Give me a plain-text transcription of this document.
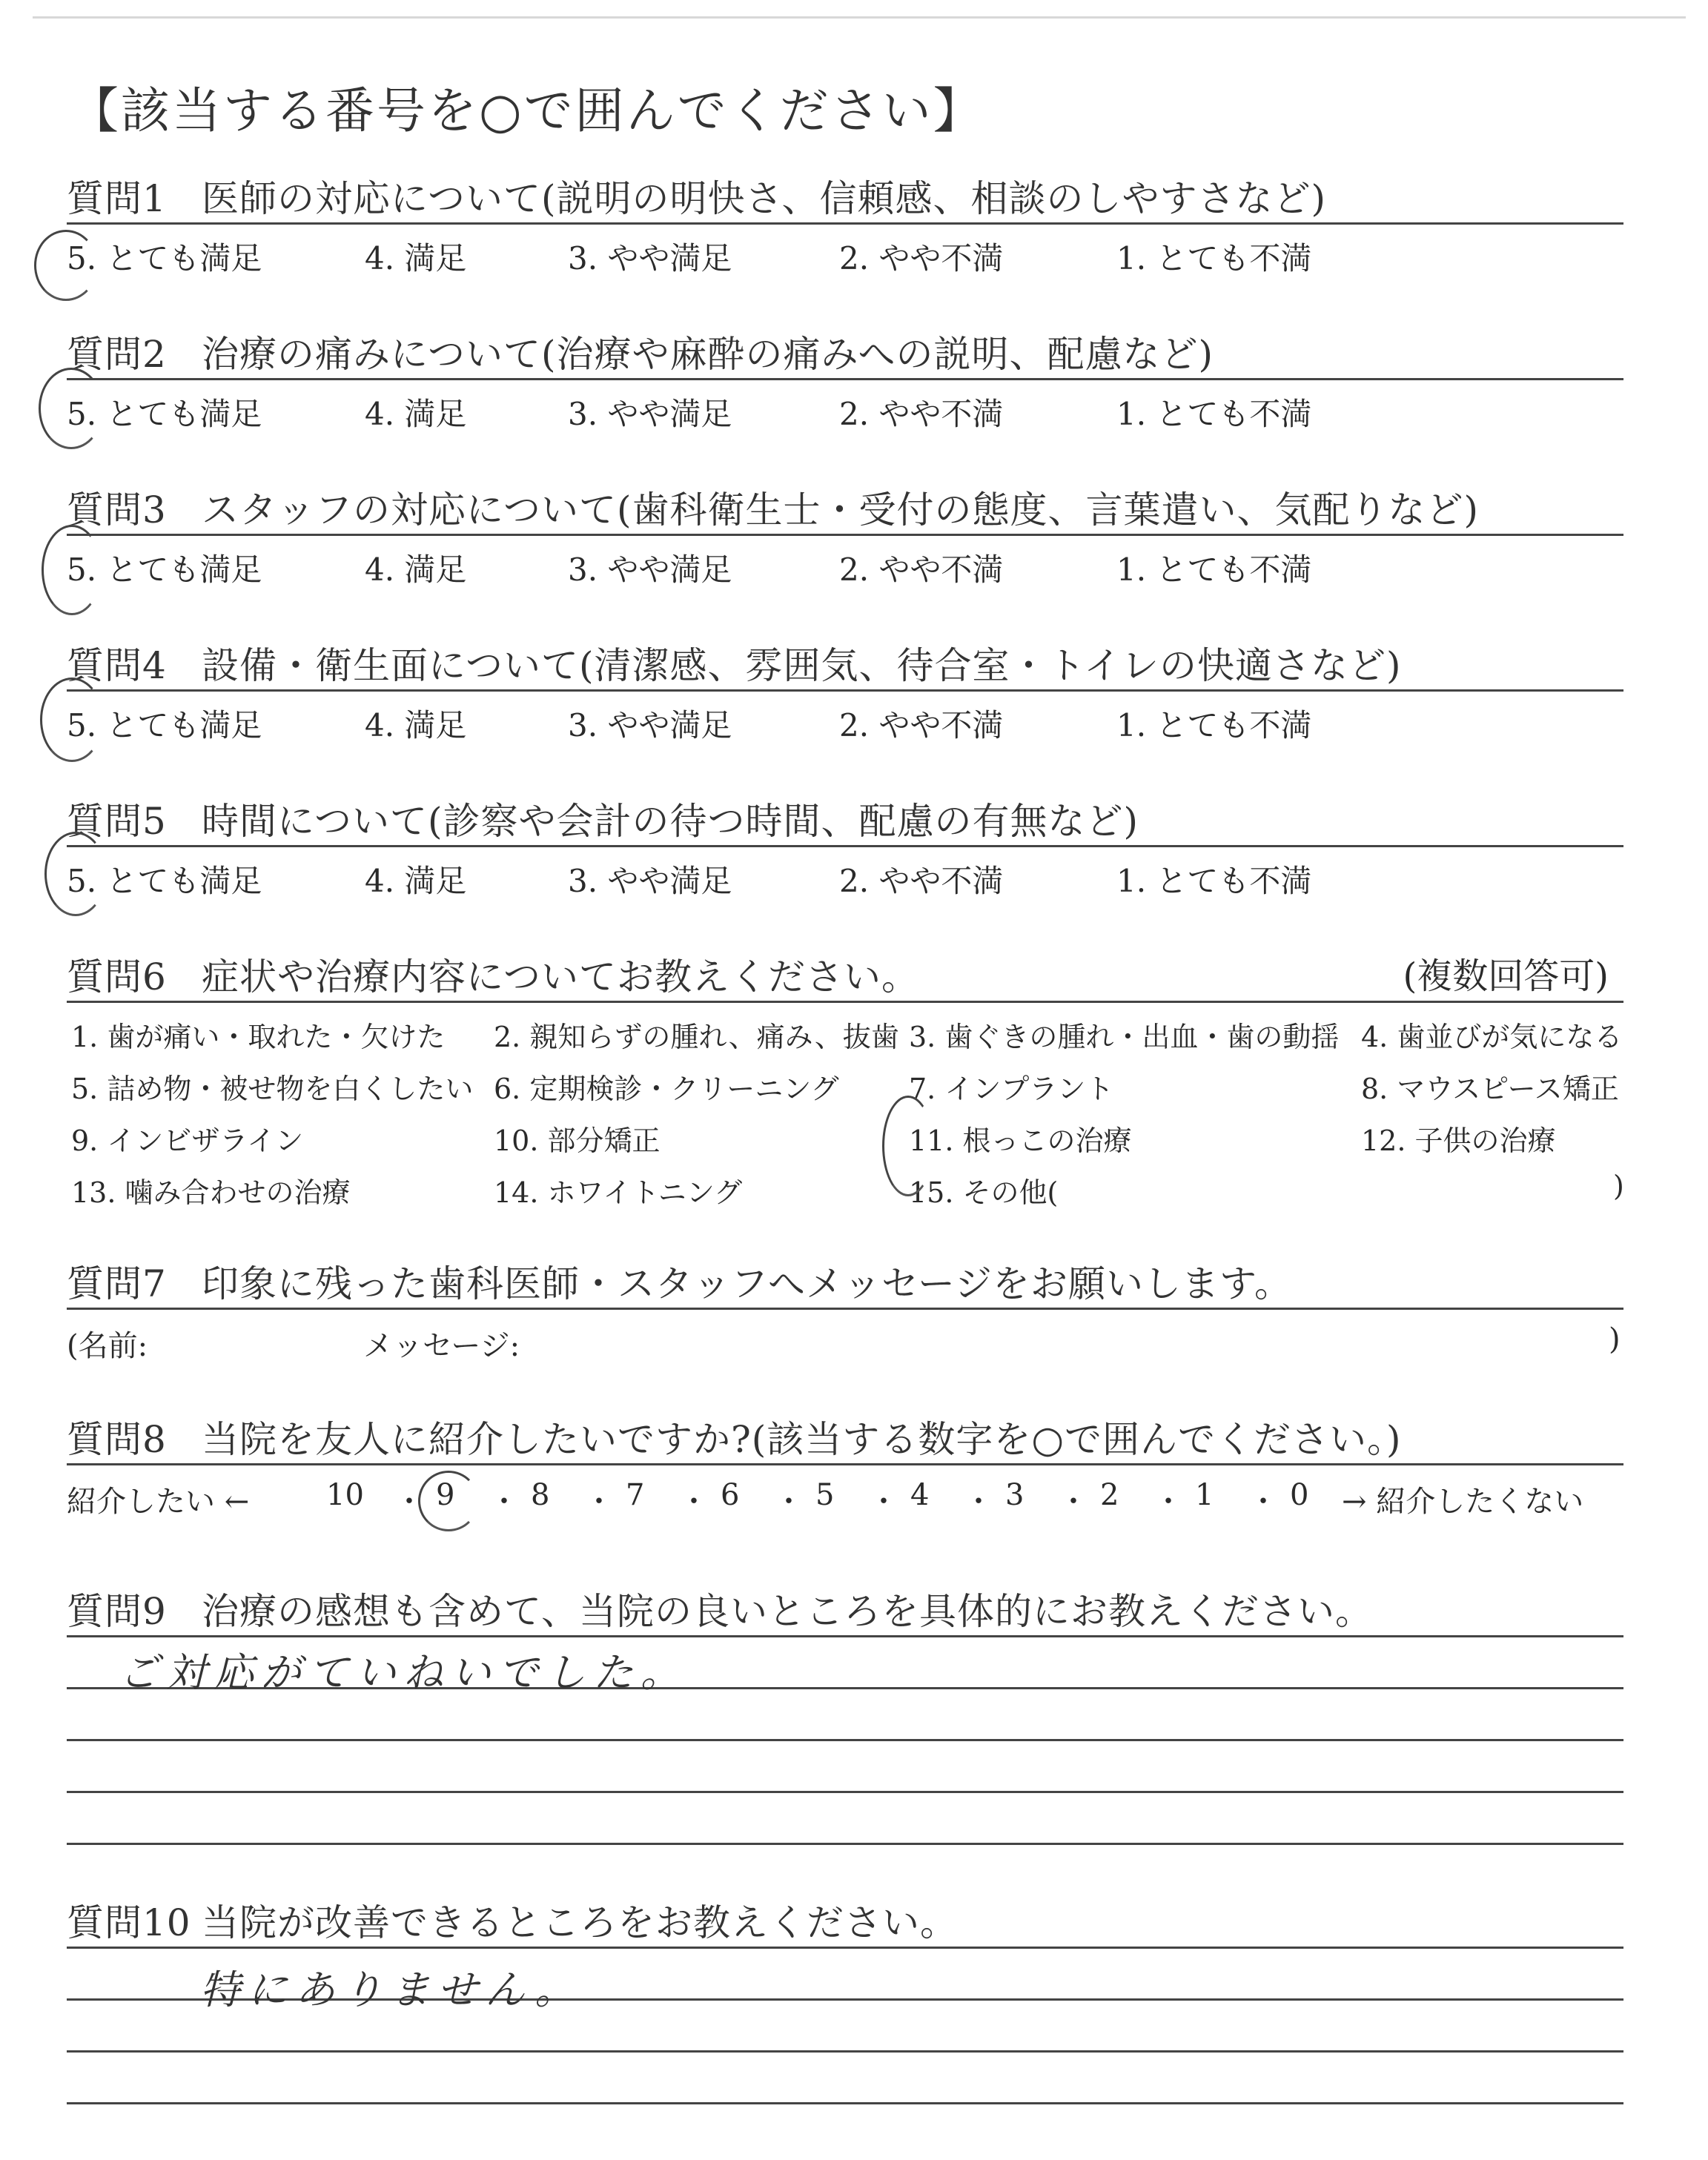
【該当する番号を○で囲んでください】
質問1 医師の対応について(説明の明快さ、信頼感、相談のしやすさなど)
5. とても満足	4. 満足	3. やや満足	2. やや不満	1. とても不満
質問2 治療の痛みについて(治療や麻酔の痛みへの説明、配慮など)
5. とても満足	4. 満足	3. やや満足	2. やや不満	1. とても不満
質問3 スタッフの対応について(歯科衛生士・受付の態度、言葉遣い、気配りなど)
5. とても満足	4. 満足	3. やや満足	2. やや不満	1. とても不満
質問4 設備・衛生面について(清潔感、雰囲気、待合室・トイレの快適さなど)
5. とても満足	4. 満足	3. やや満足	2. やや不満	1. とても不満
質問5 時間について(診察や会計の待つ時間、配慮の有無など)
5. とても満足	4. 満足	3. やや満足	2. やや不満	1. とても不満
質問6 症状や治療内容についてお教えください。	(複数回答可)
1. 歯が痛い・取れた・欠けた 2. 親知らずの腫れ、痛み、抜歯 3. 歯ぐきの腫れ・出血・歯の動揺 4. 歯並びが気になる
5. 詰め物・被せ物を白くしたい 6. 定期検診・クリーニング 7. インプラント	8. マウスピース矯正
9. インビザライン	10. 部分矯正	11. 根っこの治療	12. 子供の治療
13. 噛み合わせの治療	14. ホワイトニング	15. その他(	)
質問7 印象に残った歯科医師・スタッフへメッセージをお願いします。
(名前:	メッセージ:	)
質問8 当院を友人に紹介したいですか?(該当する数字を○で囲んでください。)
紹介したい ←	10 ・ 9 ・ 8 ・ 7 ・ 6 ・ 5 ・ 4 ・ 3 ・ 2 ・ 1 ・ 0 → 紹介したくない
質問9 治療の感想も含めて、当院の良いところを具体的にお教えください。
ご対応がていねいでした。
質問10 当院が改善できるところをお教えください。
特にありません。
